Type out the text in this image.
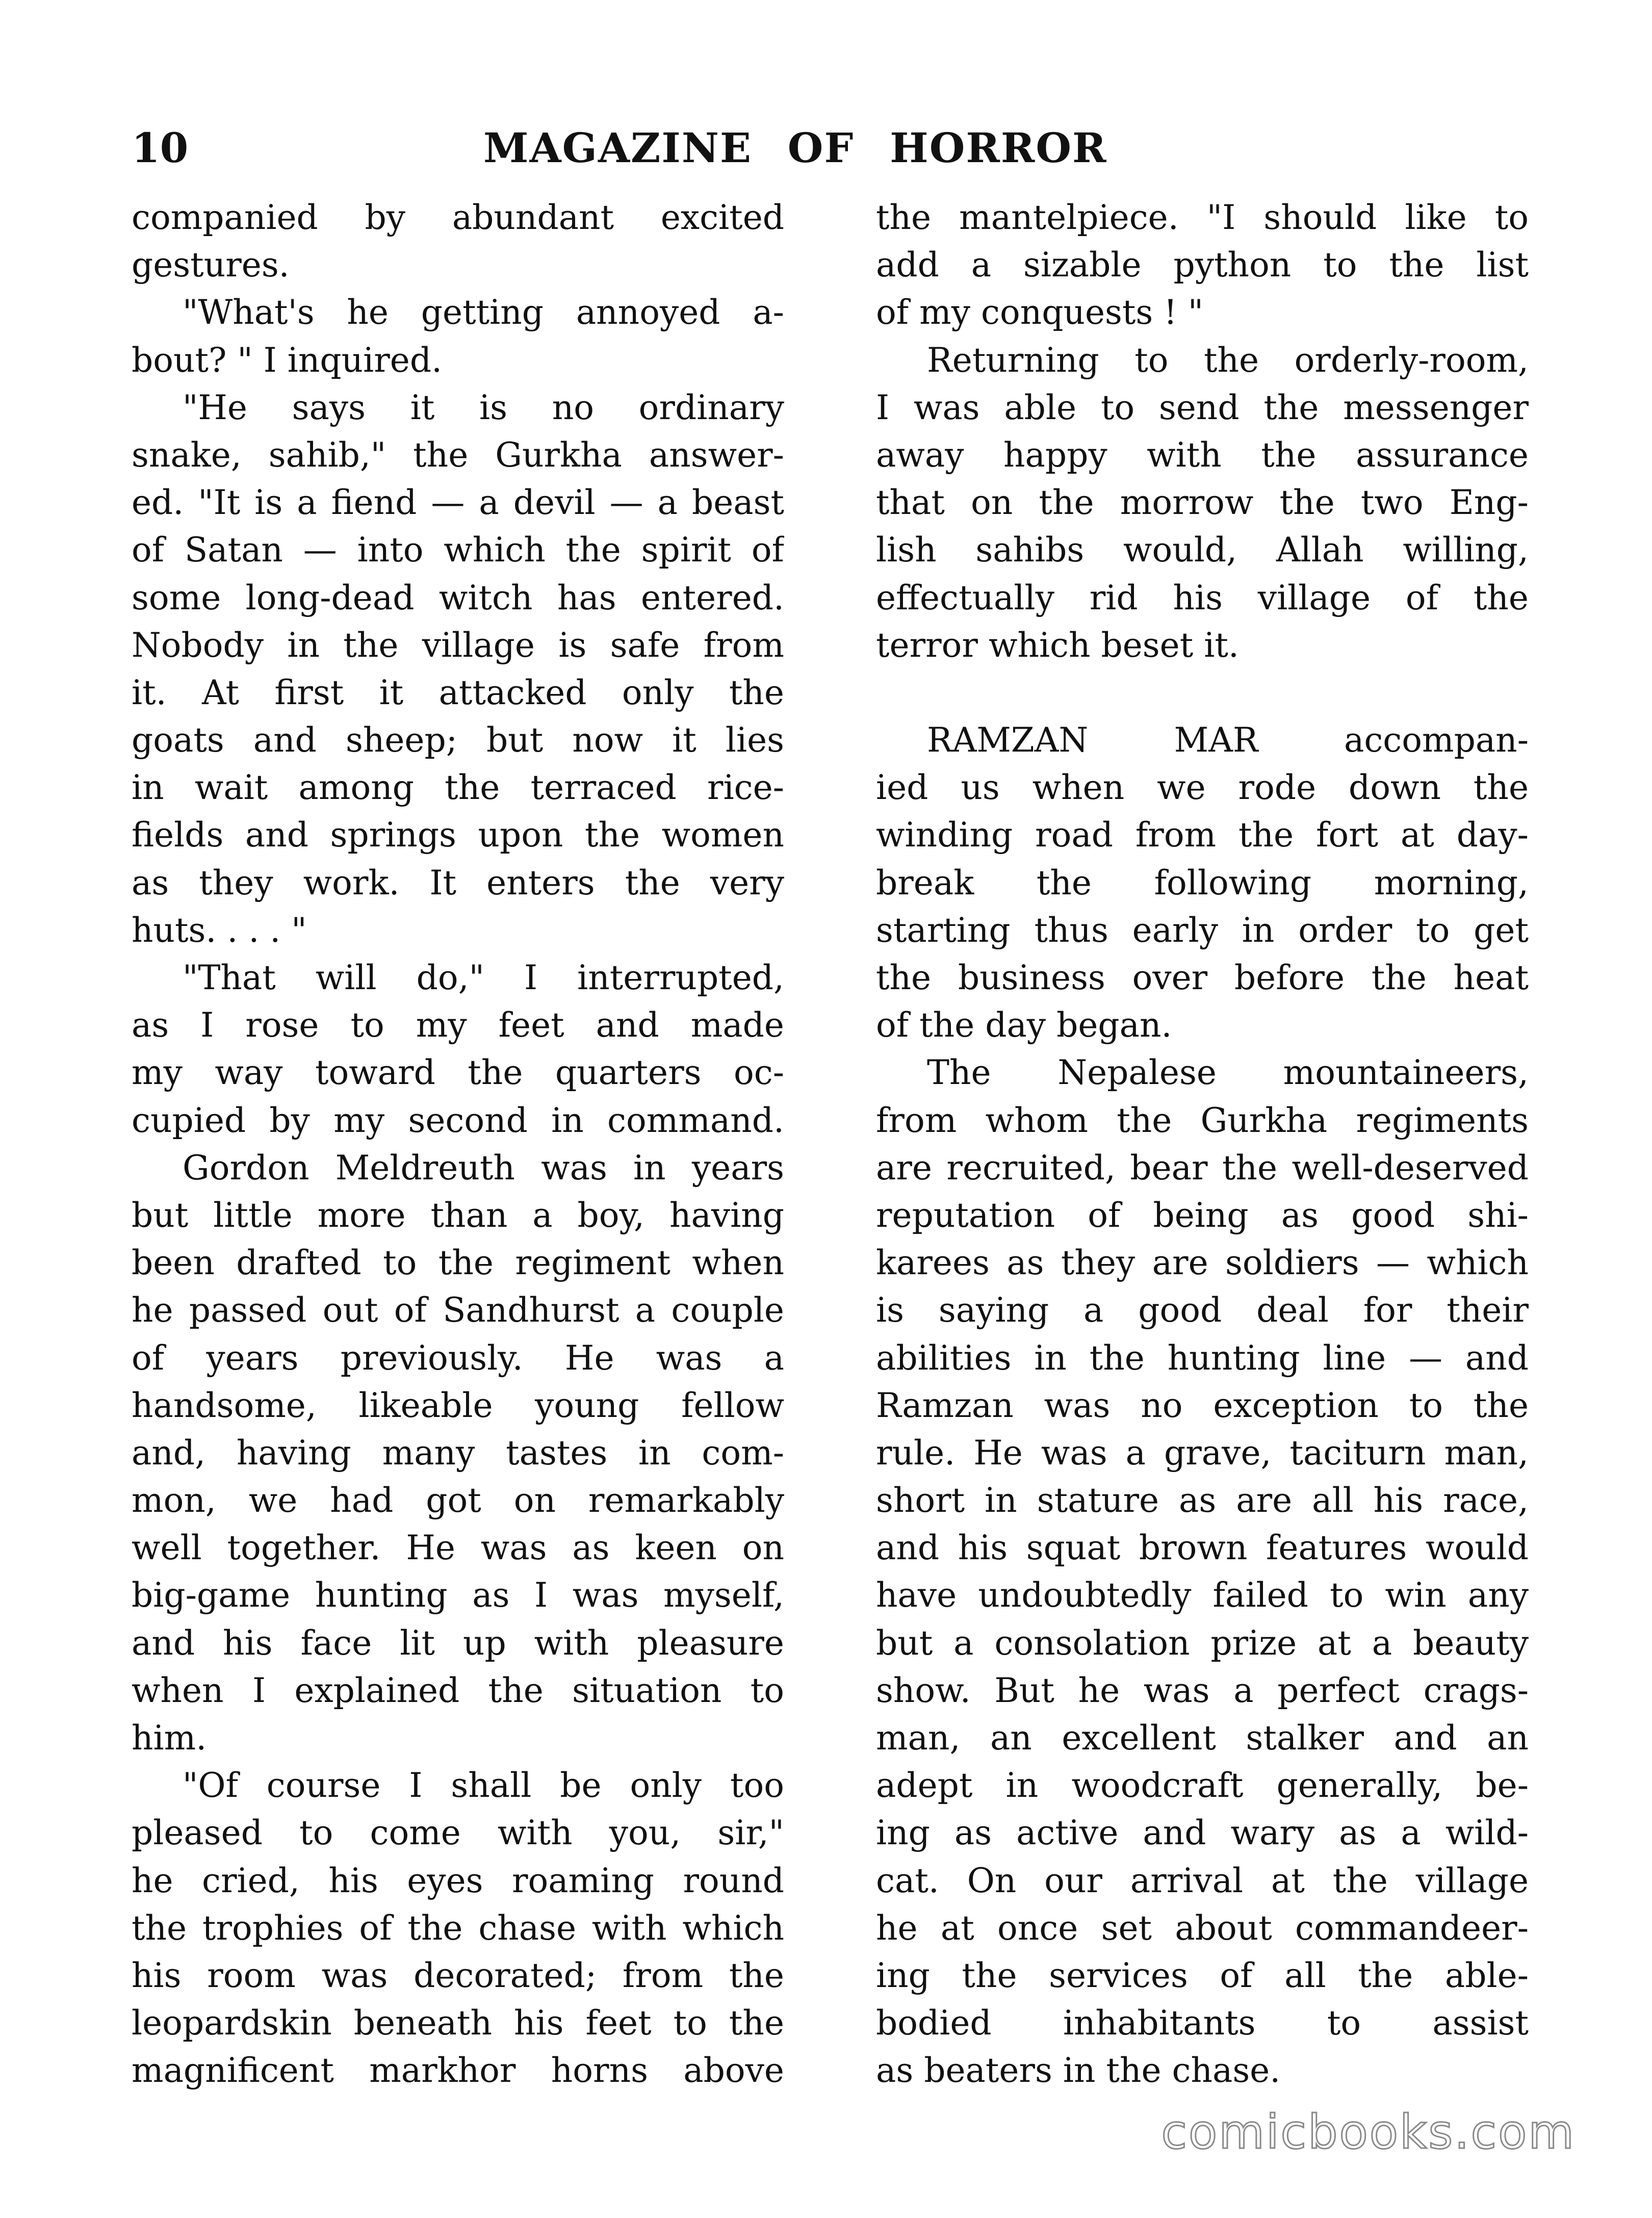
10	MAGAZINE OF HORROR
companied by abundant excited
gestures.
"What's he getting annoyed a-
bout? " I inquired.
"He says it is no ordinary
snake, sahib," the Gurkha answer-
ed. "It is a fiend — a devil — a beast
of Satan — into which the spirit of
some long-dead witch has entered.
Nobody in the village is safe from
it. At first it attacked only the
goats and sheep; but now it lies
in wait among the terraced rice-
fields and springs upon the women
as they work. It enters the very
huts. . . . "
"That will do," I interrupted,
as I rose to my feet and made
my way toward the quarters oc-
cupied by my second in command.
Gordon Meldreuth was in years
but little more than a boy, having
been drafted to the regiment when
he passed out of Sandhurst a couple
of years previously. He was a
handsome, likeable young fellow
and, having many tastes in com-
mon, we had got on remarkably
well together. He was as keen on
big-game hunting as I was myself,
and his face lit up with pleasure
when I explained the situation to
him.
"Of course I shall be only too
pleased to come with you, sir,"
he cried, his eyes roaming round
the trophies of the chase with which
his room was decorated; from the
leopardskin beneath his feet to the
magnificent markhor horns above
the mantelpiece. "I should like to
add a sizable python to the list
of my conquests ! "
Returning to the orderly-room,
I was able to send the messenger
away happy with the assurance
that on the morrow the two Eng-
lish sahibs would, Allah willing,
effectually rid his village of the
terror which beset it.
RAMZAN MAR accompan-
ied us when we rode down the
winding road from the fort at day-
break the following morning,
starting thus early in order to get
the business over before the heat
of the day began.
The Nepalese mountaineers,
from whom the Gurkha regiments
are recruited, bear the well-deserved
reputation of being as good shi-
karees as they are soldiers — which
is saying a good deal for their
abilities in the hunting line — and
Ramzan was no exception to the
rule. He was a grave, taciturn man,
short in stature as are all his race,
and his squat brown features would
have undoubtedly failed to win any
but a consolation prize at a beauty
show. But he was a perfect crags-
man, an excellent stalker and an
adept in woodcraft generally, be-
ing as active and wary as a wild-
cat. On our arrival at the village
he at once set about commandeer-
ing the services of all the able-
bodied inhabitants to assist
as beaters in the chase.
comicbooks.com
